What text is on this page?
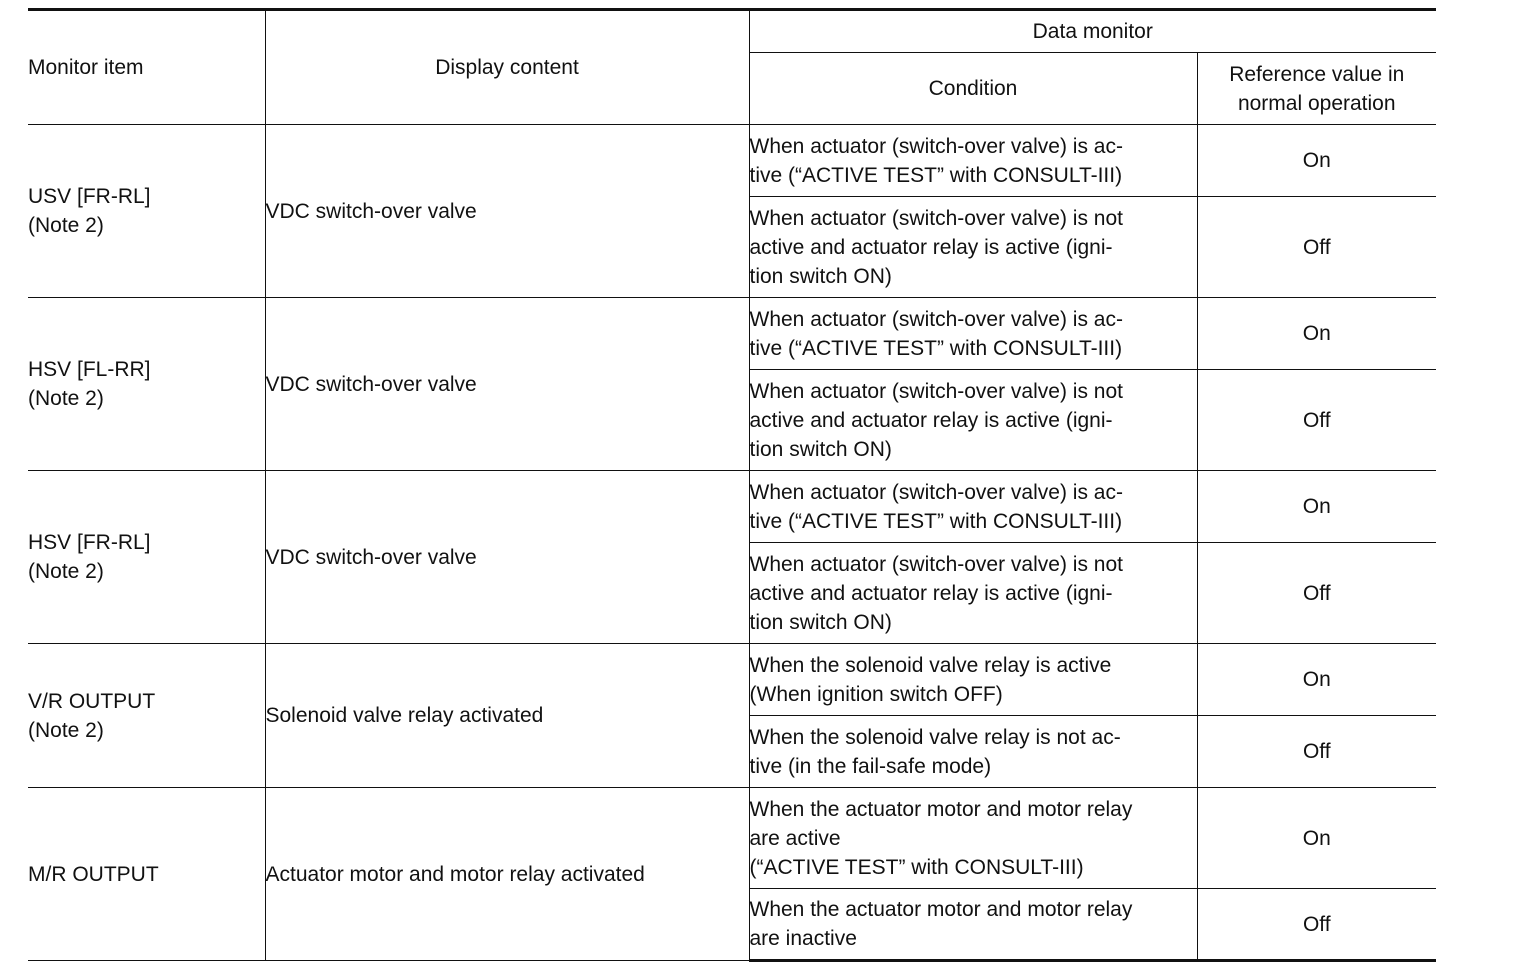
Monitor item	Display content	Data monitor	
		Condition	Reference value in
normal operation

USV [FR-RL]
(Note 2)	VDC switch-over valve	When actuator (switch-over valve) is ac-
tive (“ACTIVE TEST” with CONSULT-III)	On

		When actuator (switch-over valve) is not
active and actuator relay is active (igni-
tion switch ON)	Off

HSV [FL-RR]
(Note 2)	VDC switch-over valve	When actuator (switch-over valve) is ac-
tive (“ACTIVE TEST” with CONSULT-III)	On

		When actuator (switch-over valve) is not
active and actuator relay is active (igni-
tion switch ON)	Off

HSV [FR-RL]
(Note 2)	VDC switch-over valve	When actuator (switch-over valve) is ac-
tive (“ACTIVE TEST” with CONSULT-III)	On

		When actuator (switch-over valve) is not
active and actuator relay is active (igni-
tion switch ON)	Off

V/R OUTPUT
(Note 2)	Solenoid valve relay activated	When the solenoid valve relay is active
(When ignition switch OFF)	On

		When the solenoid valve relay is not ac-
tive (in the fail-safe mode)	Off

M/R OUTPUT	Actuator motor and motor relay activated	When the actuator motor and motor relay
are active
(“ACTIVE TEST” with CONSULT-III)	On

		When the actuator motor and motor relay
are inactive	Off
